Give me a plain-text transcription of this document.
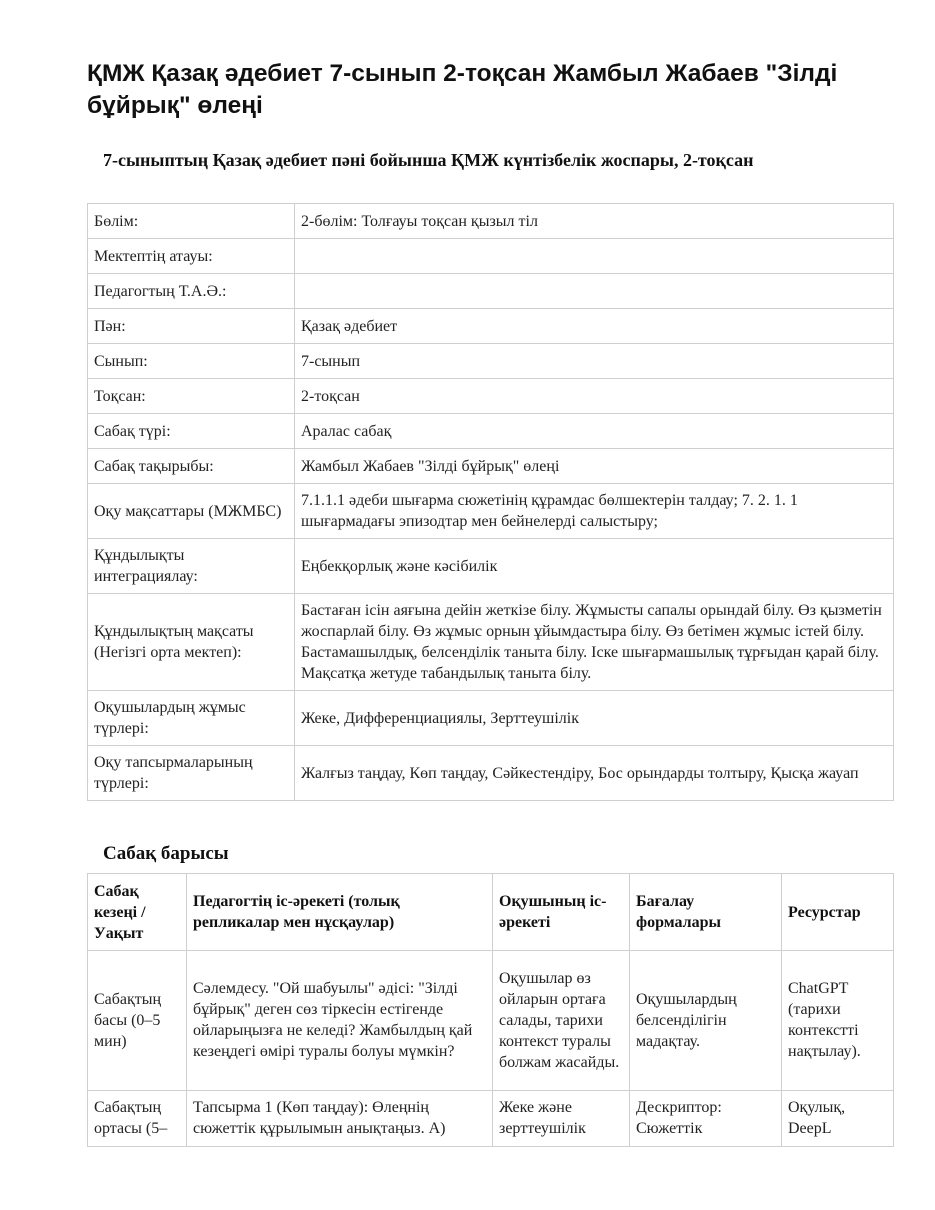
ҚМЖ Қазақ әдебиет 7-сынып 2-тоқсан Жамбыл Жабаев "Зілді бұйрық" өлеңі
7-сыныптың Қазақ әдебиет пәні бойынша ҚМЖ күнтізбелік жоспары, 2-тоқсан
Бөлім:	2-бөлім: Толғауы тоқсан қызыл тіл
Мектептің атауы:	
Педагогтың Т.А.Ә.:	
Пән:	Қазақ әдебиет
Сынып:	7-сынып
Тоқсан:	2-тоқсан
Сабақ түрі:	Аралас сабақ
Сабақ тақырыбы:	Жамбыл Жабаев "Зілді бұйрық" өлеңі
Оқу мақсаттары (МЖМБС)	7.1.1.1 әдеби шығарма сюжетінің құрамдас бөлшектерін талдау; 7. 2. 1. 1 шығармадағы эпизодтар мен бейнелерді салыстыру;
Құндылықты интеграциялау:	Еңбекқорлық және кәсібилік
Құндылықтың мақсаты (Негізгі орта мектеп):	Бастаған ісін аяғына дейін жеткізе білу. Жұмысты сапалы орындай білу. Өз қызметін жоспарлай білу. Өз жұмыс орнын ұйымдастыра білу. Өз бетімен жұмыс істей білу. Бастамашылдық, белсенділік таныта білу. Іске шығармашылық тұрғыдан қарай білу. Мақсатқа жетуде табандылық таныта білу.
Оқушылардың жұмыс түрлері:	Жеке, Дифференциациялы, Зерттеушілік
Оқу тапсырмаларының түрлері:	Жалғыз таңдау, Көп таңдау, Сәйкестендіру, Бос орындарды толтыру, Қысқа жауап
Сабақ барысы
Сабақ кезеңі / Уақыт	Педагогтің іс-әрекеті (толық репликалар мен нұсқаулар)	Оқушының іс-әрекеті	Бағалау формалары	Ресурстар
Сабақтың басы (0–5 мин)	Сәлемдесу. "Ой шабуылы" әдісі: "Зілді бұйрық" деген сөз тіркесін естігенде ойларыңызға не келеді? Жамбылдың қай кезеңдегі өмірі туралы болуы мүмкін?	Оқушылар өз ойларын ортаға салады, тарихи контекст туралы болжам жасайды.	Оқушылардың белсенділігін мадақтау.	ChatGPT (тарихи контекстті нақтылау).
Сабақтың ортасы (5–	Тапсырма 1 (Көп таңдау): Өлеңнің сюжеттік құрылымын анықтаңыз. A)	Жеке және зерттеушілік	Дескриптор: Сюжеттік	Оқулық, DeepL
